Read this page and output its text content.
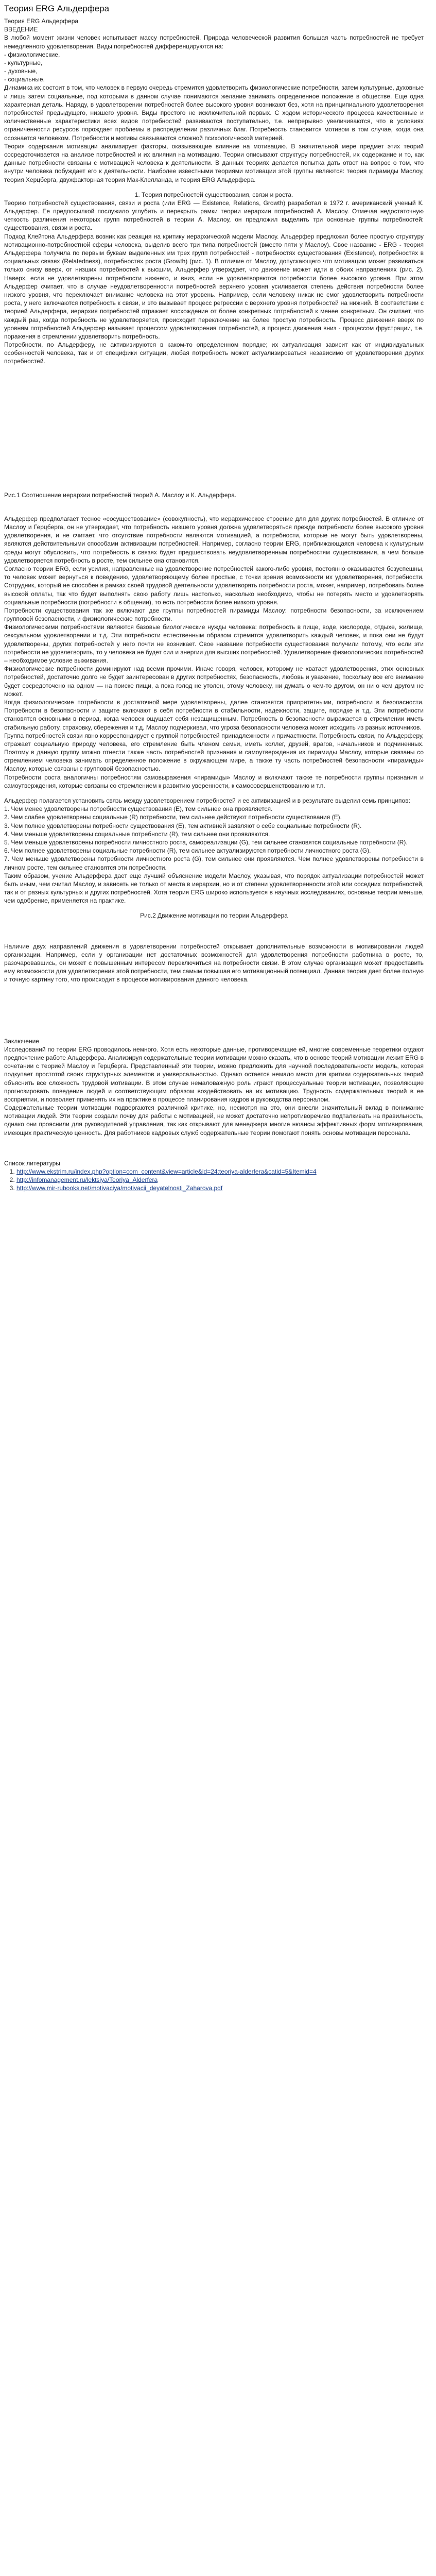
Теория ERG Альдерфера

Теория ERG Альдерфера

ВВЕДЕНИЕ

В любой момент жизни человек испытывает массу потребностей. Природа человеческой развития большая часть потребностей не требует немедленного удовлетворения. Виды потребностей дифференцируются на:

- физиологические,

- культурные,

- духовные,

- социальные.

Динамика их состоит в том, что человек в первую очередь стремится удовлетворить физиологические потребности, затем культурные, духовные и лишь затем социальные, под которыми в данном случае понимаются желание занимать определенное положение в обществе. Еще одна характерная деталь. Наряду, в удовлетворении потребностей более высокого уровня возникают без, хотя на принципиального удовлетворения потребностей предыдущего, низшего уровня. Виды простого не исключительной первых. С ходом исторического процесса качественные и количественные характеристики всех видов потребностей развиваются поступательно, т.е. непрерывно увеличиваются, что в условиях ограниченности ресурсов порождает проблемы в распределении различных благ. Потребность становится мотивом в том случае, когда она осознается человеком. Потребности и мотивы связываются сложной психологической материей.

Теория содержания мотивации анализирует факторы, оказывающие влияние на мотивацию. В значительной мере предмет этих теорий сосредоточивается на анализе потребностей и их влияния на мотивацию. Теории описывают структуру потребностей, их содержание и то, как данные потребности связаны с мотивацией человека к деятельности. В данных теориях делается попытка дать ответ на вопрос о том, что внутри человека побуждает его к деятельности. Наиболее известными теориями мотивации этой группы являются: теория пирамиды Маслоу, теория Херцберга, двухфакторная теория Мак-Клелланда, и теория ERG Альдерфера.

1. Теория потребностей существования, связи и роста.

Теорию потребностей существования, связи и роста (или ERG — Existence, Relations, Growth) разработал в 1972 г. американский ученый К. Альдерфер. Ее предпосылкой послужило углубить и перекрыть рамки теории иерархии потребностей А. Маслоу. Отмечая недостаточную четкость различения некоторых групп потребностей в теории А. Маслоу, он предложил выделить три основные группы потребностей: существования, связи и роста.

Подход Клейтона Альдерфера возник как реакция на критику иерархической модели Маслоу. Альдерфер предложил более простую структуру мотивационно-потребностной сферы человека, выделив всего три типа потребностей (вместо пяти у Маслоу). Свое название - ERG - теория Альдерфера получила по первым буквам выделенных им трех групп потребностей - потребностях существования (Existence), потребностях в социальных связях (Relatedness), потребностях роста (Growth) (рис. 1). В отличие от Маслоу, допускающего что мотивацию может развиваться только снизу вверх, от низших потребностей к высшим, Альдерфер утверждает, что движение может идти в обоих направлениях (рис. 2). Наверх, если не удовлетворены потребности нижнего, и вниз, если не удовлетворяются потребности более высокого уровня. При этом Альдерфер считает, что в случае неудовлетворенности потребностей верхнего уровня усиливается степень действия потребности более низкого уровня, что переключает внимание человека на этот уровень. Например, если человеку никак не смог удовлетворить потребности роста, у него включаются потребность к связи, и это вызывает процесс регрессии с верхнего уровня потребностей на нижний. В соответствии с теорией Альдерфера, иерархия потребностей отражает восхождение от более конкретных потребностей к менее конкретным. Он считает, что каждый раз, когда потребность не удовлетворяется, происходит переключение на более простую потребность. Процесс движения вверх по уровням потребностей Альдерфер называет процессом удовлетворения потребностей, а процесс движения вниз - процессом фрустрации, т.е. поражения в стремлении удовлетворить потребность.

Потребности, по Альдерферу, не активизируются в каком-то определенном порядке; их актуализация зависит как от индивидуальных особенностей человека, так и от специфики ситуации, любая потребность может актуализироваться независимо от удовлетворения других потребностей.

Рис.1 Соотношение иерархии потребностей теорий А. Маслоу и К. Альдерфера.

Альдерфер предполагает тесное «сосуществование» (совокупность), что иерархическое строение для для других потребностей. В отличие от Маслоу и Герцберга, он не утверждает, что потребность низшего уровня должна удовлетворяться прежде потребности более высокого уровня удовлетворения, и не считает, что отсутствие потребности являются мотивацией, а потребности, которые не могут быть удовлетворены, являются действительными способами активизации потребностей. Например, согласно теории ERG, приближающаяся человека к культурным среды могут обусловить, что потребность в связях будет предшествовать неудовлетворенным потребностям существования, а чем больше удовлетворяется потребность в росте, тем сильнее она становится.

Согласно теории ERG, если усилия, направленные на удовлетворение потребностей какого-либо уровня, постоянно оказываются безуспешны, то человек может вернуться к поведению, удовлетворяющему более простые, с точки зрения возможности их удовлетворения, потребности. Сотрудник, который не способен в рамках своей трудовой деятельности удовлетворять потребности роста, может, например, потребовать более высокой оплаты, так что будет выполнять свою работу лишь настолько, насколько необходимо, чтобы не потерять место и удовлетворять социальные потребности (потребности в общении), то есть потребности более низкого уровня.

Потребности существования так же включают две группы потребностей пирамиды Маслоу: потребности безопасности, за исключением групповой безопасности, и физиологические потребности.

Физиологическими потребностями являются базовые биологические нужды человека: потребность в пище, воде, кислороде, отдыхе, жилище, сексуальном удовлетворении и т.д. Эти потребности естественным образом стремится удовлетворить каждый человек, и пока они не будут удовлетворены, других потребностей у него почти не возникает. Свое название потребности существования получили потому, что если эти потребности не удовлетворить, то у человека не будет сил и энергии для высших потребностей. Удовлетворение физиологических потребностей – необходимое условие выживания.

Физиологические потребности доминируют над всеми прочими. Иначе говоря, человек, которому не хватает удовлетворения, этих основных потребностей, достаточно долго не будет заинтересован в других потребностях, безопасность, любовь и уважение, поскольку все его внимание будет сосредоточено на одном — на поиске пищи, а пока голод не утолен, этому человеку, ни думать о чем-то другом, он ни о чем другом не может.

Когда физиологические потребности в достаточной мере удовлетворены, далее становятся приоритетными, потребности в безопасности. Потребности в безопасности и защите включают в себя потребности в стабильности, надежности, защите, порядке и т.д. Эти потребности становятся основными в период, когда человек ощущает себя незащищенным. Потребность в безопасности выражается в стремлении иметь стабильную работу, страховку, сбережения и т.д. Маслоу подчеркивал, что угроза безопасности человека может исходить из разных источников.

Группа потребностей связи явно корреспондирует с группой потребностей принадлежности и причастности. Потребность связи, по Альдерферу, отражает социальную природу человека, его стремление быть членом семьи, иметь коллег, друзей, врагов, начальников и подчиненных. Поэтому в данную группу можно отнести также часть потребностей признания и самоутверждения из пирамиды Маслоу, которые связаны со стремлением человека занимать определенное положение в окружающем мире, а также ту часть потребностей безопасности «пирамиды» Маслоу, которые связаны с групповой безопасностью.

Потребности роста аналогичны потребностям самовыражения «пирамиды» Маслоу и включают также те потребности группы признания и самоутверждения, которые связаны со стремлением к развитию уверенности, к самосовершенствованию и т.п.

Альдерфер полагается установить связь между удовлетворением потребностей и ее активизацией и в результате выделил семь принципов:

1. Чем менее удовлетворены потребности существования (E), тем сильнее она проявляется.

2. Чем слабее удовлетворены социальные (R) потребности, тем сильнее действуют потребности существования (E).

3. Чем полнее удовлетворены потребности существования (E), тем активней заявляют о себе социальные потребности (R).

4. Чем меньше удовлетворены социальные потребности (R), тем сильнее они проявляются.

5. Чем меньше удовлетворены потребности личностного роста, самореализации (G), тем сильнее становятся социальные потребности (R).

6. Чем полнее удовлетворены социальные потребности (R), тем сильнее актуализируются потребности личностного роста (G).

7. Чем меньше удовлетворены потребности личностного роста (G), тем сильнее они проявляются. Чем полнее удовлетворены потребности в личном росте, тем сильнее становятся эти потребности.

Таким образом, учение Альдерфера дает еще лучший объяснение модели Маслоу, указывая, что порядок актуализации потребностей может быть иным, чем считал Маслоу, и зависеть не только от места в иерархии, но и от степени удовлетворенности этой или соседних потребностей, так и от разных культурных и других потребностей. Хотя теория ERG широко используется в научных исследованиях, основные теории меньше, чем одобрение, применяется на практике.

Рис.2 Движение мотивации по теории Альдерфера

Наличие двух направлений движения в удовлетворении потребностей открывает дополнительные возможности в мотивировании людей организации. Например, если у организации нет достаточных возможностей для удовлетворения потребности работника в росте, то, разочаровавшись, он может с повышенным интересом переключиться на потребности связи. В этом случае организация может предоставить ему возможности для удовлетворения этой потребности, тем самым повышая его мотивационный потенциал. Данная теория дает более полную и точную картину того, что происходит в процессе мотивирования данного человека.

Заключение

Исследований по теории ERG проводилось немного. Хотя есть некоторые данные, противоречащие ей, многие современные теоретики отдают предпочтение работе Альдерфера. Анализируя содержательные теории мотивации можно сказать, что в основе теорий мотивации лежит ERG в сочетании с теорией Маслоу и Герцберга. Представленный эти теории, можно предложить для научной последовательности модель, которая подкупает простотой своих структурных элементов и универсальностью. Однако остается немало место для критики содержательных теорий объяснить все сложность трудовой мотивации. В этом случае немаловажную роль играют процессуальные теории мотивации, позволяющие прогнозировать поведение людей и соответствующим образом воздействовать на их мотивацию. Трудность содержательных теорий в ее восприятии, и позволяет применять их на практике в процессе планирования кадров и руководства персоналом.

Содержательные теории мотивации подвергаются различной критике, но, несмотря на это, они внесли значительный вклад в понимание мотивации людей. Эти теории создали почву для работы с мотивацией, не может достаточно непротиворечиво подталкивать на правильность, однако они прояснили для руководителей управления, так как открывают для менеджера многие нюансы эффективных форм мотивирования, имеющих практическую ценность. Для работников кадровых служб содержательные теории помогают понять основы мотивации персонала.

Список литературы

1. http://www.ekstrim.ru/index.php?option=com_content&view=article&id=24:teoriya-alderfera&catid=5&Itemid=4
2. http://infomanagement.ru/lektsiya/Teoriya_Alderfera
3. http://www.mir-rubooks.net/motivaciya/motivacii_deyatelnosti_Zaharova.pdf
